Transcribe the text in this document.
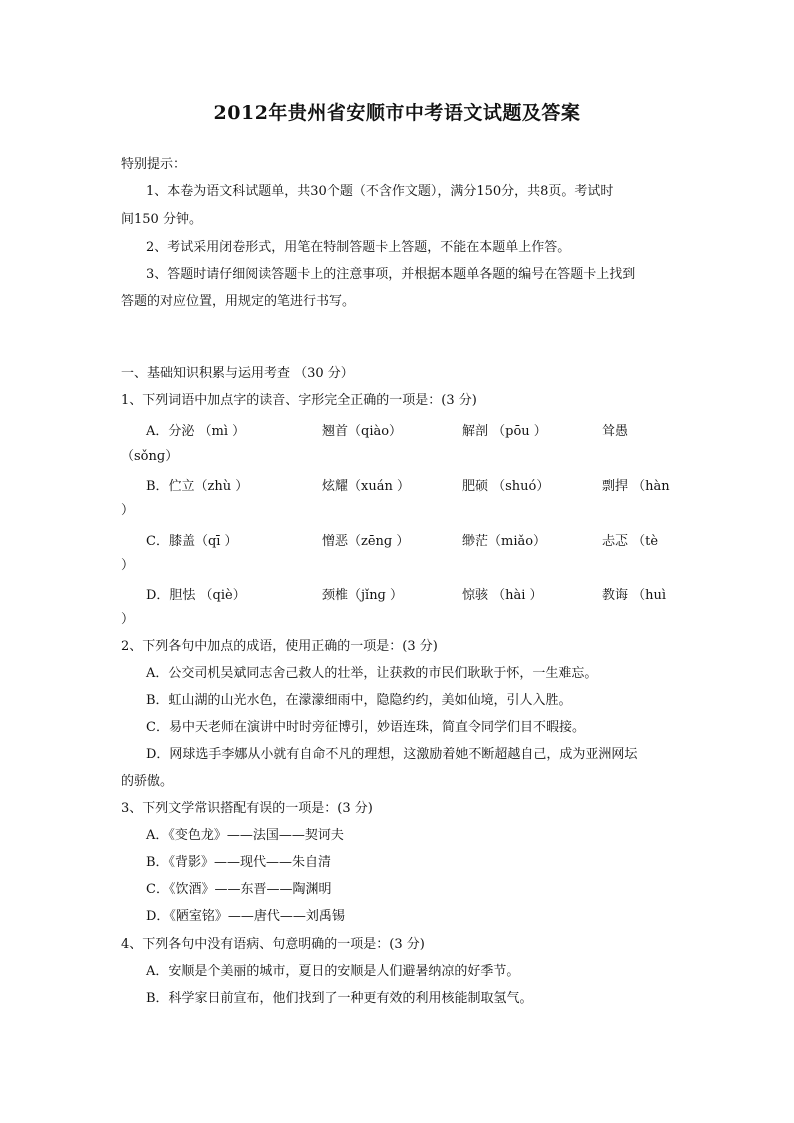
2012年贵州省安顺市中考语文试题及答案
特别提示：
1、本卷为语文科试题单，共30个题（不含作文题），满分150分，共8页。考试时
间150 分钟。
2、考试采用闭卷形式，用笔在特制答题卡上答题，不能在本题单上作答。
3、答题时请仔细阅读答题卡上的注意事项，并根据本题单各题的编号在答题卡上找到
答题的对应位置，用规定的笔进行书写。
一、基础知识积累与运用考查 （30 分）
1、下列词语中加点字的读音、字形完全正确的一项是：(3 分)
A．分泌 （mì ）	翘首（qiào）	解剖 （pōu ）	耸愚
（sǒnɡ）
B．伫立（zhù ）	炫耀（xuán ）	肥硕 （shuó）	剽捍 （hàn
）
C．膝盖（qī ）	憎恶（zēnɡ ）	缈茫（miǎo）	忐忑 （tè
）
D．胆怯 （qiè）	颈椎（jǐnɡ ）	惊骇 （hài ）	教诲 （huì
）
2、下列各句中加点的成语，使用正确的一项是：(3 分)
A．公交司机吴斌同志舍己救人的壮举，让获救的市民们耿耿于怀，一生难忘。
B．虹山湖的山光水色，在濛濛细雨中，隐隐约约，美如仙境，引人入胜。
C．易中天老师在演讲中时时旁征博引，妙语连珠，简直令同学们目不暇接。
D．网球选手李娜从小就有自命不凡的理想，这激励着她不断超越自己，成为亚洲网坛
的骄傲。
3、下列文学常识搭配有误的一项是：(3 分)
A．《变色龙》——法国——契诃夫
B．《背影》——现代——朱自清
C．《饮酒》——东晋——陶渊明
D．《陋室铭》——唐代——刘禹锡
4、下列各句中没有语病、句意明确的一项是：(3 分)
A．安顺是个美丽的城市，夏日的安顺是人们避暑纳凉的好季节。
B．科学家日前宣布，他们找到了一种更有效的利用核能制取氢气。
